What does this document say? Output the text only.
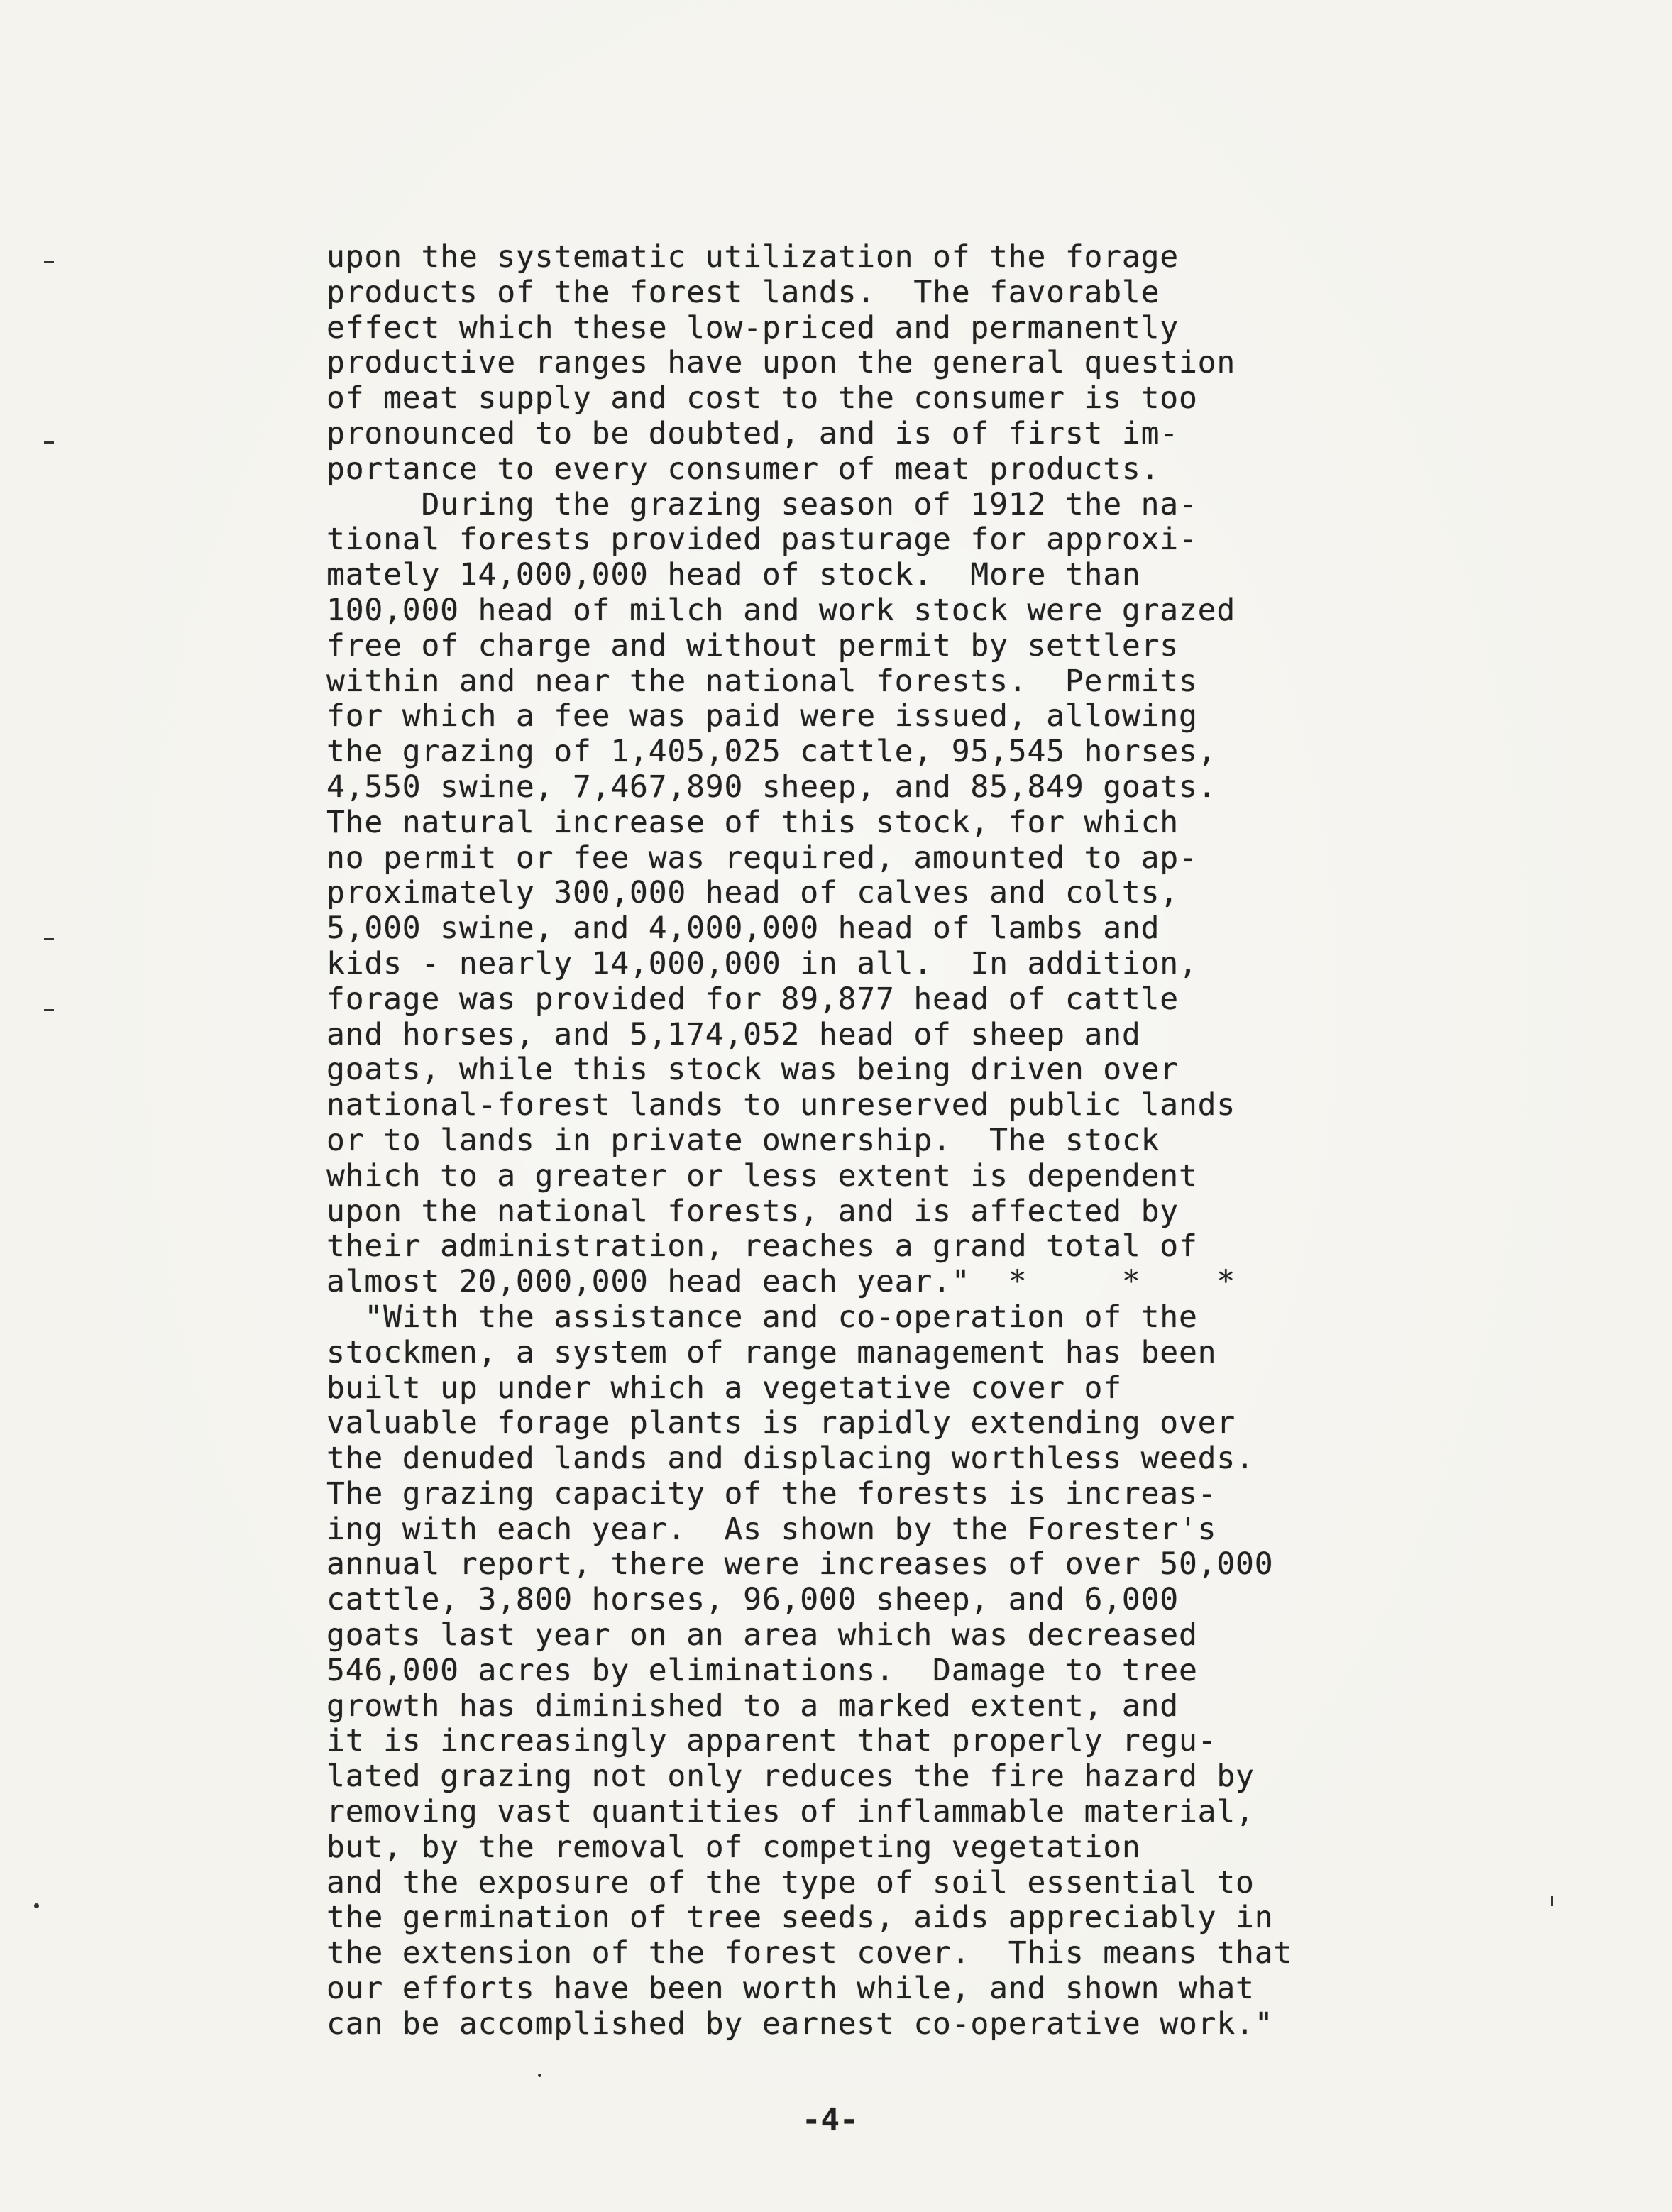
upon the systematic utilization of the forage
products of the forest lands.  The favorable
effect which these low-priced and permanently
productive ranges have upon the general question
of meat supply and cost to the consumer is too
pronounced to be doubted, and is of first im-
portance to every consumer of meat products.
During the grazing season of 1912 the na-
tional forests provided pasturage for approxi-
mately 14,000,000 head of stock.  More than
100,000 head of milch and work stock were grazed
free of charge and without permit by settlers
within and near the national forests.  Permits
for which a fee was paid were issued, allowing
the grazing of 1,405,025 cattle, 95,545 horses,
4,550 swine, 7,467,890 sheep, and 85,849 goats.
The natural increase of this stock, for which
no permit or fee was required, amounted to ap-
proximately 300,000 head of calves and colts,
5,000 swine, and 4,000,000 head of lambs and
kids - nearly 14,000,000 in all.  In addition,
forage was provided for 89,877 head of cattle
and horses, and 5,174,052 head of sheep and
goats, while this stock was being driven over
national-forest lands to unreserved public lands
or to lands in private ownership.  The stock
which to a greater or less extent is dependent
upon the national forests, and is affected by
their administration, reaches a grand total of
almost 20,000,000 head each year."  *     *    *
"With the assistance and co-operation of the
stockmen, a system of range management has been
built up under which a vegetative cover of
valuable forage plants is rapidly extending over
the denuded lands and displacing worthless weeds.
The grazing capacity of the forests is increas-
ing with each year.  As shown by the Forester's
annual report, there were increases of over 50,000
cattle, 3,800 horses, 96,000 sheep, and 6,000
goats last year on an area which was decreased
546,000 acres by eliminations.  Damage to tree
growth has diminished to a marked extent, and
it is increasingly apparent that properly regu-
lated grazing not only reduces the fire hazard by
removing vast quantities of inflammable material,
but, by the removal of competing vegetation
and the exposure of the type of soil essential to
the germination of tree seeds, aids appreciably in
the extension of the forest cover.  This means that
our efforts have been worth while, and shown what
can be accomplished by earnest co-operative work."
-4-
